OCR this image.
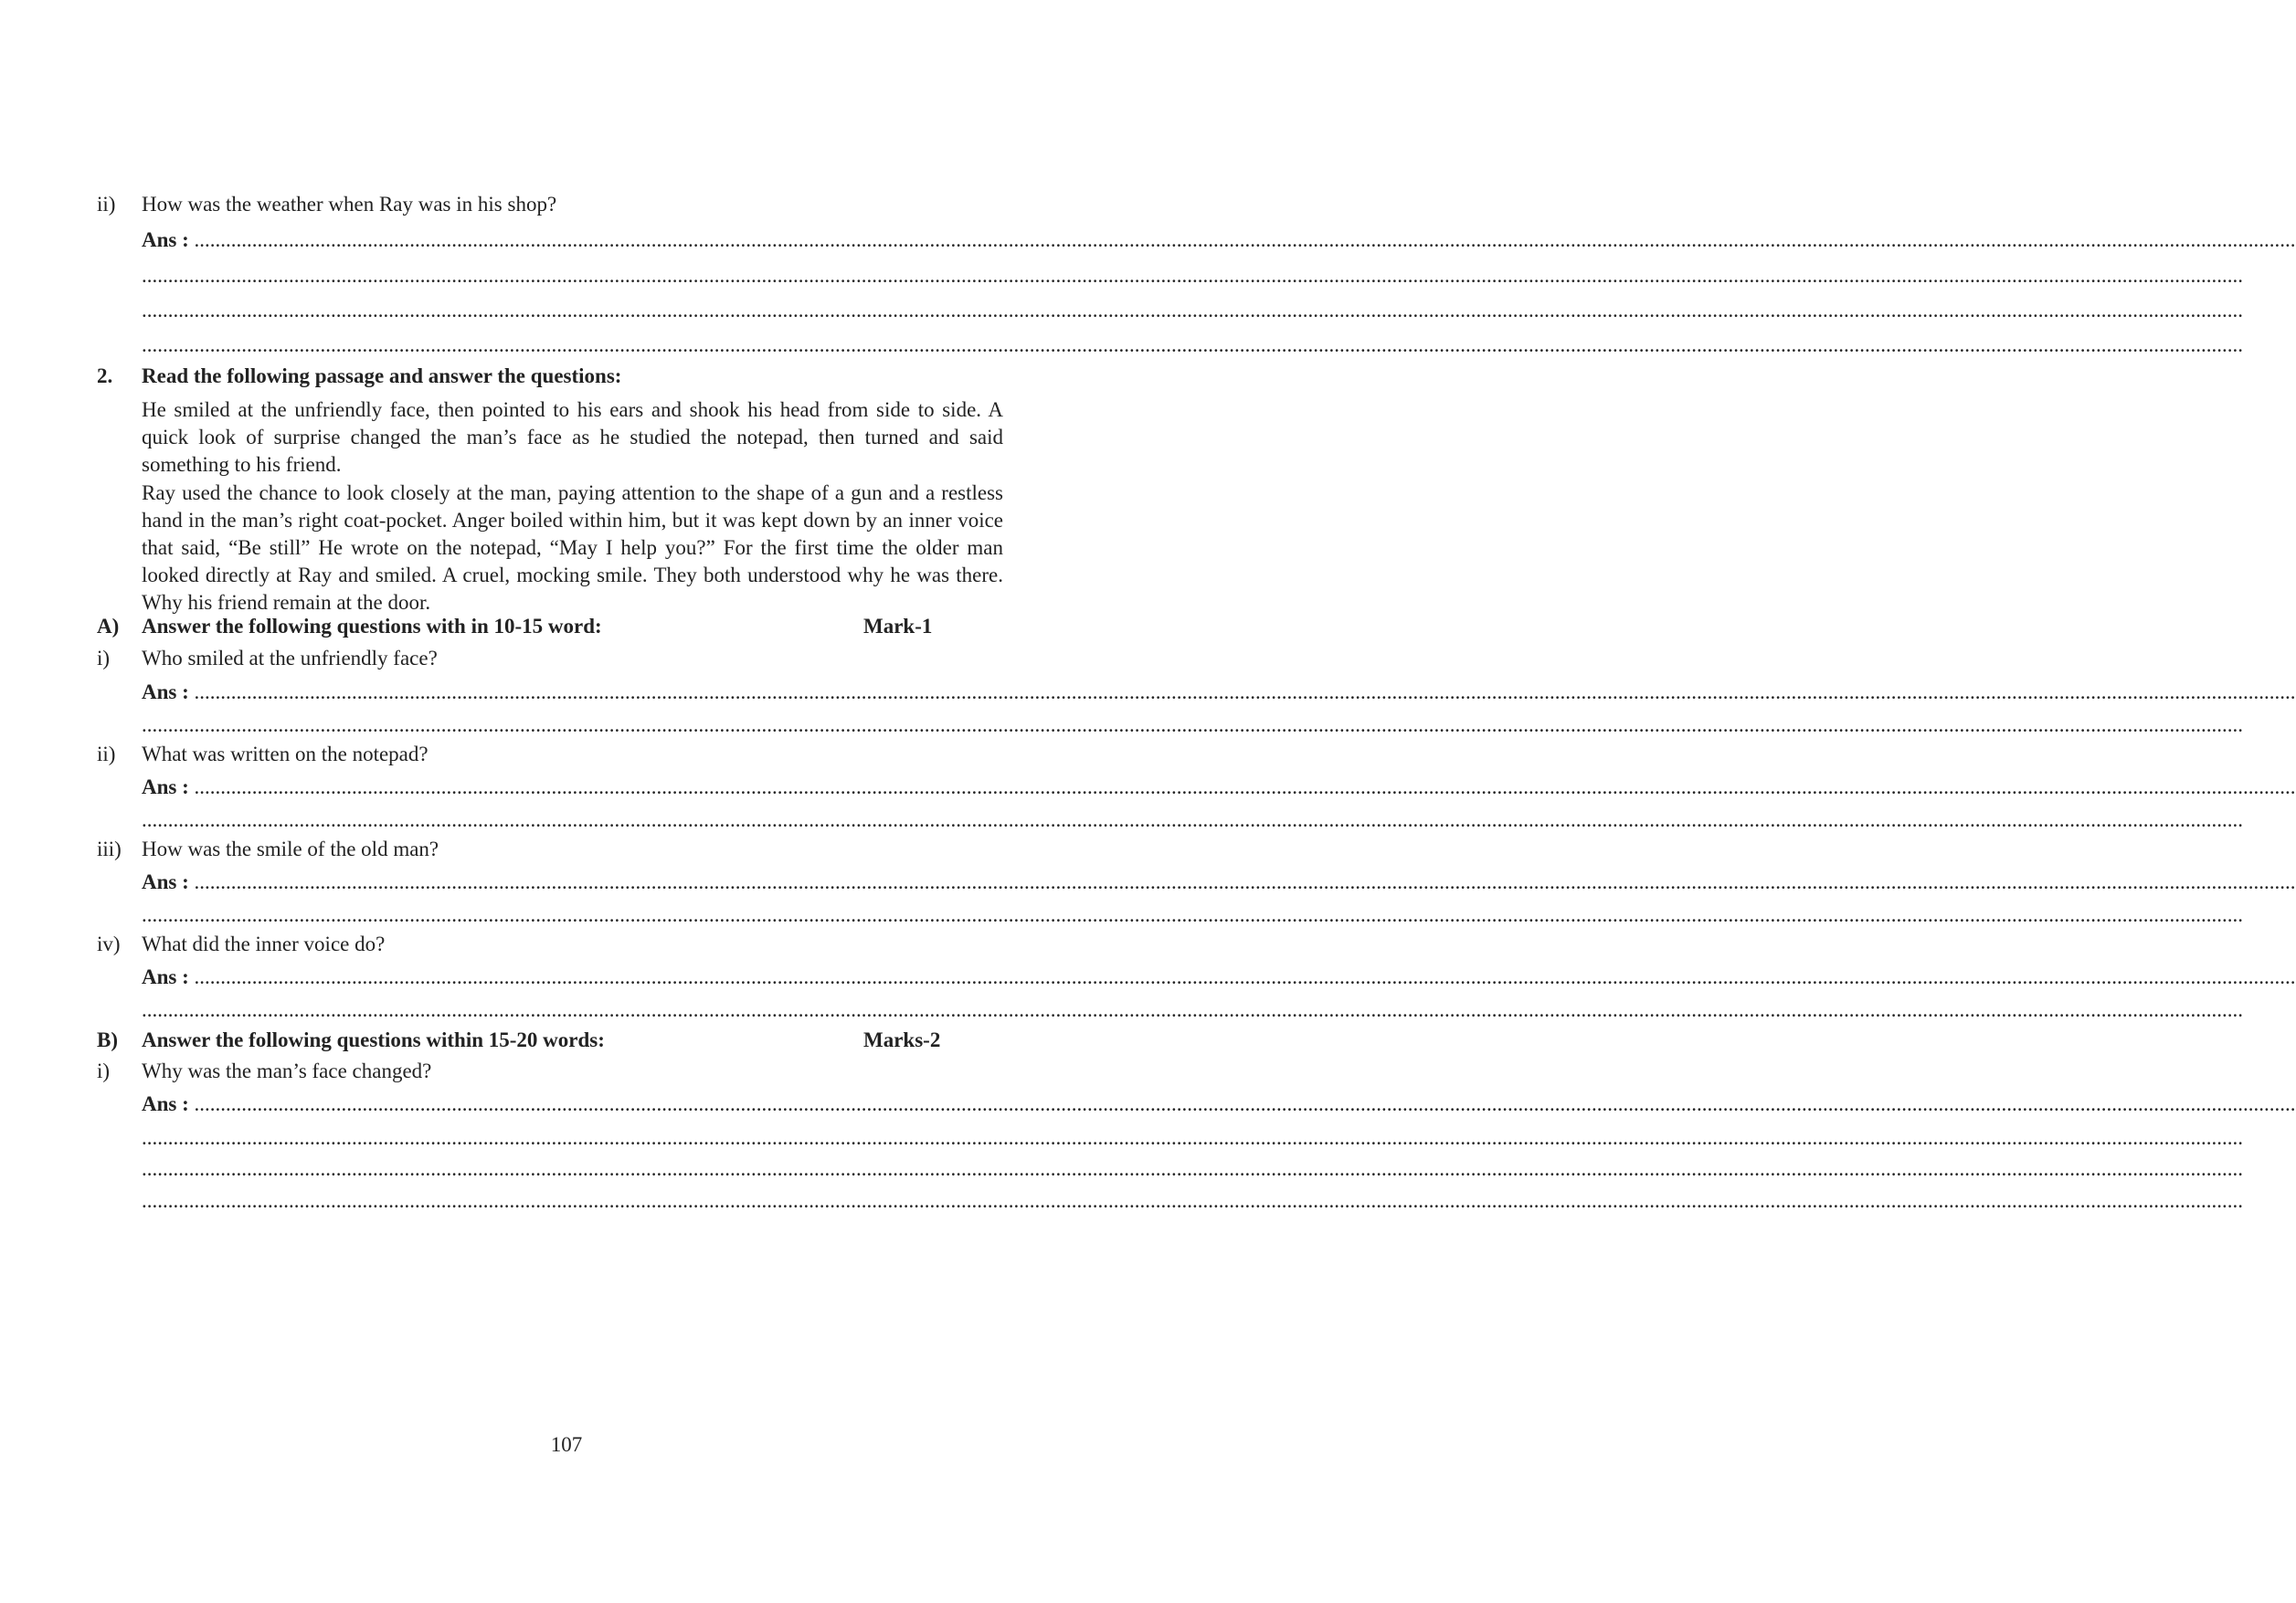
ii) How was the weather when Ray was in his shop?
Ans : ................................................................................................................................................................................................................................................................................................................................................................................................................
................................................................................................................................................................................................................................................................................................................................................................................................................
................................................................................................................................................................................................................................................................................................................................................................................................................
................................................................................................................................................................................................................................................................................................................................................................................................................
2. Read the following passage and answer the questions:
He smiled at the unfriendly face, then pointed to his ears and shook his head from side to side. A quick look of surprise changed the man’s face as he studied the notepad, then turned and said something to his friend.
Ray used the chance to look closely at the man, paying attention to the shape of a gun and a restless hand in the man’s right coat-pocket. Anger boiled within him, but it was kept down by an inner voice that said, “Be still” He wrote on the notepad, “May I help you?” For the first time the older man looked directly at Ray and smiled. A cruel, mocking smile. They both understood why he was there. Why his friend remain at the door.
A) Answer the following questions with in 10-15 word:	Mark-1
i) Who smiled at the unfriendly face?
Ans : ................................................................................................................................................................................................................................................................................................................................................................................................................
................................................................................................................................................................................................................................................................................................................................................................................................................
ii) What was written on the notepad?
Ans : ................................................................................................................................................................................................................................................................................................................................................................................................................
................................................................................................................................................................................................................................................................................................................................................................................................................
iii) How was the smile of the old man?
Ans : ................................................................................................................................................................................................................................................................................................................................................................................................................
................................................................................................................................................................................................................................................................................................................................................................................................................
iv) What did the inner voice do?
Ans : ................................................................................................................................................................................................................................................................................................................................................................................................................
................................................................................................................................................................................................................................................................................................................................................................................................................
B) Answer the following questions within 15-20 words:	Marks-2
i) Why was the man’s face changed?
Ans : ................................................................................................................................................................................................................................................................................................................................................................................................................
................................................................................................................................................................................................................................................................................................................................................................................................................
................................................................................................................................................................................................................................................................................................................................................................................................................
................................................................................................................................................................................................................................................................................................................................................................................................................
107
